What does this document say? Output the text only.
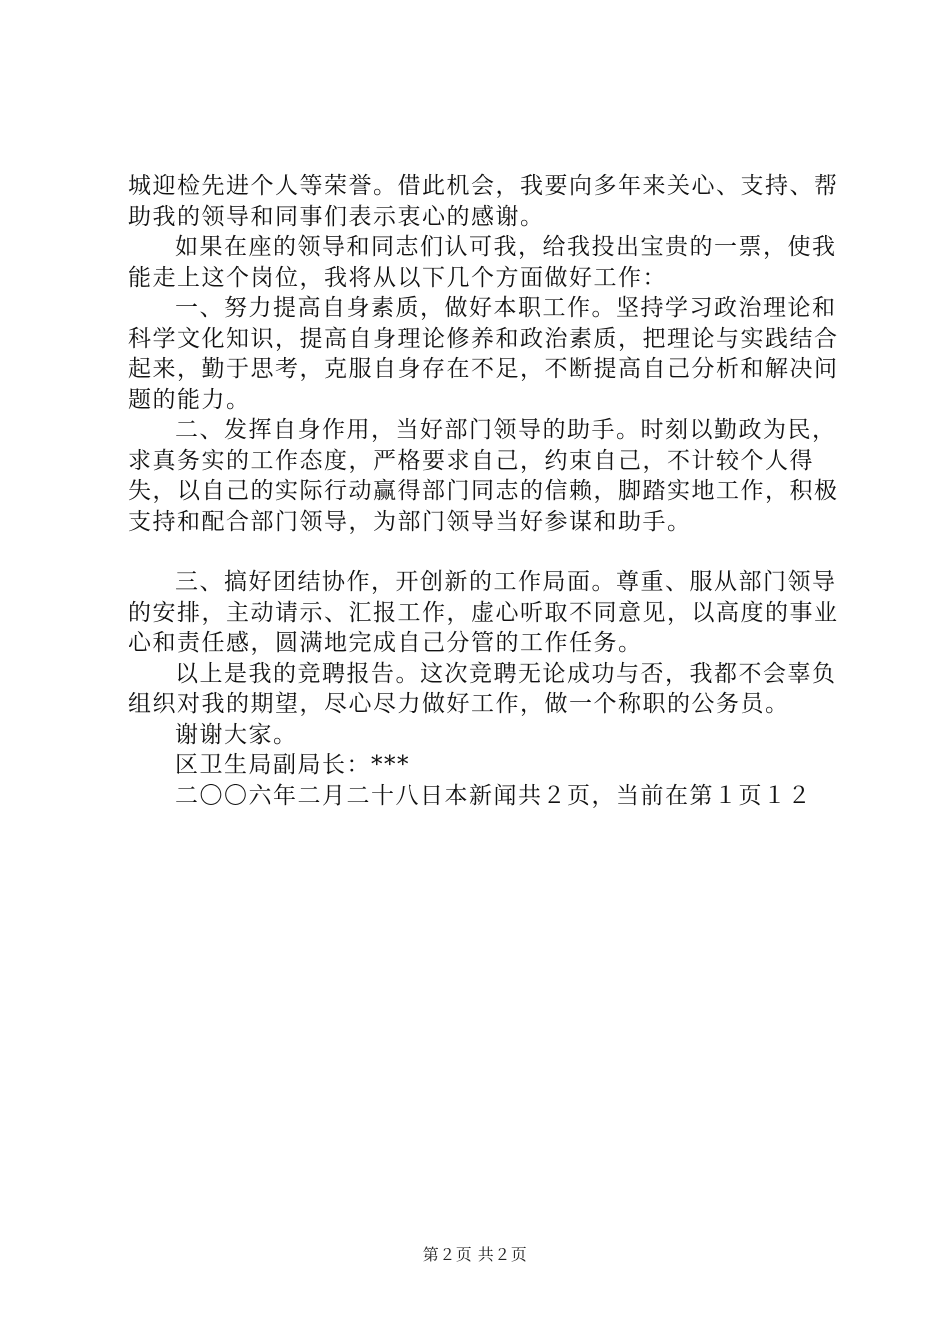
城迎检先进个人等荣誉。借此机会，我要向多年来关心、支持、帮助我的领导和同事们表示衷心的感谢。

如果在座的领导和同志们认可我，给我投出宝贵的一票，使我能走上这个岗位，我将从以下几个方面做好工作：

一、努力提高自身素质，做好本职工作。坚持学习政治理论和科学文化知识，提高自身理论修养和政治素质，把理论与实践结合起来，勤于思考，克服自身存在不足，不断提高自己分析和解决问题的能力。

二、发挥自身作用，当好部门领导的助手。时刻以勤政为民，求真务实的工作态度，严格要求自己，约束自己，不计较个人得失，以自己的实际行动赢得部门同志的信赖，脚踏实地工作，积极支持和配合部门领导，为部门领导当好参谋和助手。

三、搞好团结协作，开创新的工作局面。尊重、服从部门领导的安排，主动请示、汇报工作，虚心听取不同意见，以高度的事业心和责任感，圆满地完成自己分管的工作任务。

以上是我的竞聘报告。这次竞聘无论成功与否，我都不会辜负组织对我的期望，尽心尽力做好工作，做一个称职的公务员。

谢谢大家。

区卫生局副局长：***

二〇〇六年二月二十八日本新闻共２页，当前在第１页１２

第２页 共２页
